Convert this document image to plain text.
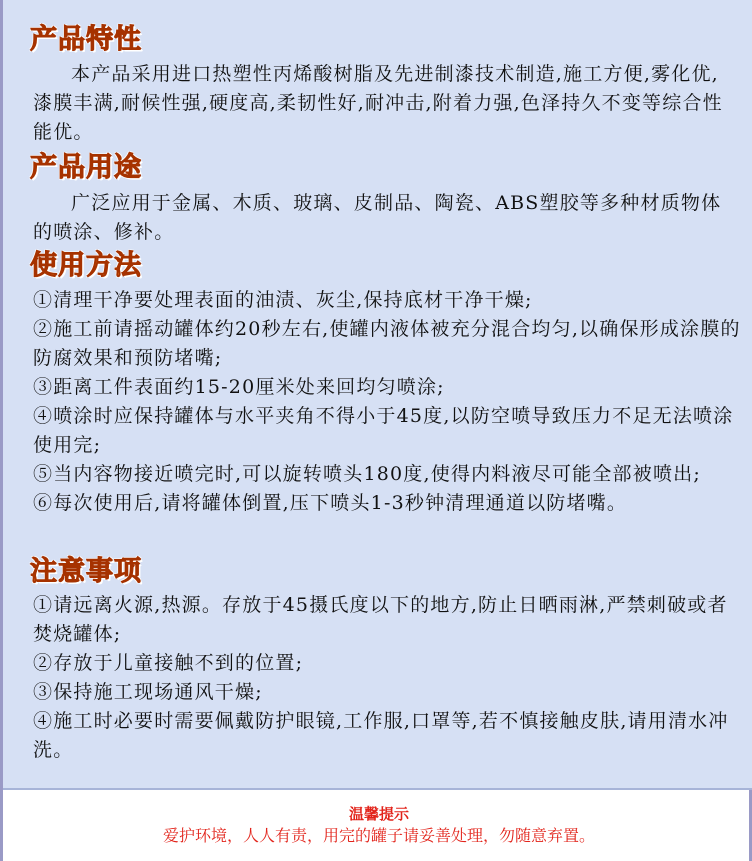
产品特性

本产品采用进口热塑性丙烯酸树脂及先进制漆技术制造,施工方便,雾化优,漆膜丰满,耐候性强,硬度高,柔韧性好,耐冲击,附着力强,色泽持久不变等综合性能优。

产品用途

广泛应用于金属、木质、玻璃、皮制品、陶瓷、ABS塑胶等多种材质物体的喷涂、修补。

使用方法
①清理干净要处理表面的油渍、灰尘,保持底材干净干燥;
②施工前请摇动罐体约20秒左右,使罐内液体被充分混合均匀,以确保形成涂膜的防腐效果和预防堵嘴;
③距离工件表面约15-20厘米处来回均匀喷涂;
④喷涂时应保持罐体与水平夹角不得小于45度,以防空喷导致压力不足无法喷涂使用完;
⑤当内容物接近喷完时,可以旋转喷头180度,使得内料液尽可能全部被喷出;
⑥每次使用后,请将罐体倒置,压下喷头1-3秒钟清理通道以防堵嘴。
注意事项
①请远离火源,热源。存放于45摄氏度以下的地方,防止日晒雨淋,严禁刺破或者焚烧罐体;
②存放于儿童接触不到的位置;
③保持施工现场通风干燥;
④施工时必要时需要佩戴防护眼镜,工作服,口罩等,若不慎接触皮肤,请用清水冲洗。
温馨提示
爱护环境，人人有责，用完的罐子请妥善处理，勿随意弃置。
